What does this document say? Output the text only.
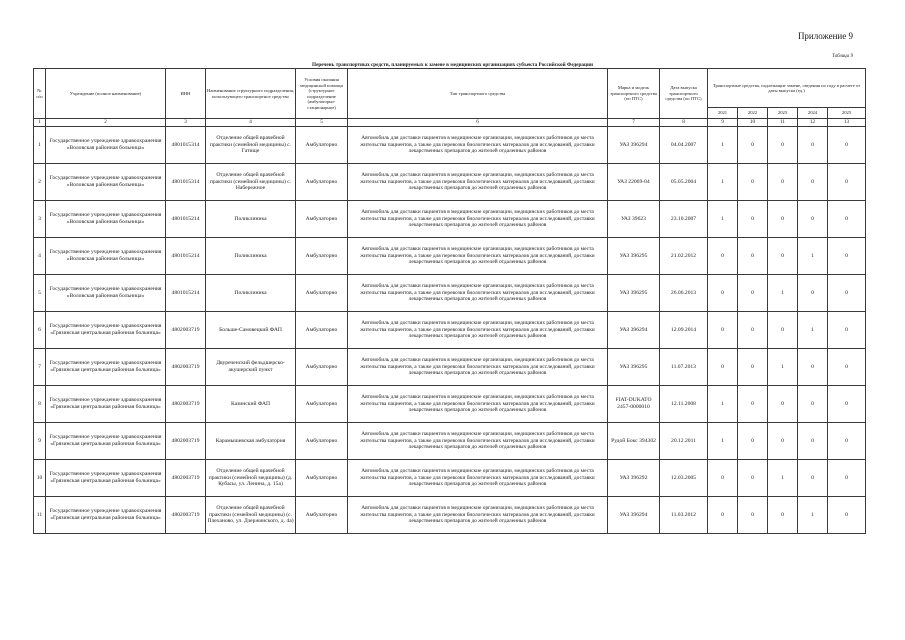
Приложение 9
Таблица 9
Перечень транспортных средств, планируемых к замене в медицинских организациях субъекта Российской Федерации
№ п/п	Учреждение (полное наименование)	ИНН	Наименование структурного подразделения, использующего транспортное средство	Условия оказания медицинской помощи (структурное подразделение (амбулаторно-стационарное)	Тип транспортного средства	Марка и модель транспортного средства (по ПТС)	Дата выпуска транспортного средства (по ПТС)	Транспортные средства, подлежащие замене, сведения по году в расчете от даты выпуска (ед.)				
								2021	2022	2023	2024	2025
1	2	3	4	5	6	7	8	9	10	11	12	13
1	Государственное учреждение здравоохранения «Воловская районная больница»	4801015314	Отделение общей врачебной практики (семейной медицины) с. Гатище	Амбулаторно	Автомобиль для доставки пациентов в медицинские организации, медицинских работников до места жительства пациентов, а также для перевозки биологических материалов для исследований, доставки лекарственных препаратов до жителей отдаленных районов	УАЗ 396294	04.04.2007	1	0	0	0	0
2	Государственное учреждение здравоохранения «Воловская районная больница»	4801015314	Отделение общей врачебной практики (семейной медицины) с. Набережное	Амбулаторно	Автомобиль для доставки пациентов в медицинские организации, медицинских работников до места жительства пациентов, а также для перевозки биологических материалов для исследований, доставки лекарственных препаратов до жителей отдаленных районов	УАЗ 22069-04	05.05.2004	1	0	0	0	0
3	Государственное учреждение здравоохранения «Воловская районная больница»	4801015214	Поликлиника	Амбулаторно	Автомобиль для доставки пациентов в медицинские организации, медицинских работников до места жительства пациентов, а также для перевозки биологических материалов для исследований, доставки лекарственных препаратов до жителей отдаленных районов	УАЗ 39623	23.10.2007	1	0	0	0	0
4	Государственное учреждение здравоохранения «Воловская районная больница»	4801015214	Поликлиника	Амбулаторно	Автомобиль для доставки пациентов в медицинские организации, медицинских работников до места жительства пациентов, а также для перевозки биологических материалов для исследований, доставки лекарственных препаратов до жителей отдаленных районов	УАЗ 396295	21.02.2012	0	0	0	1	0
5	Государственное учреждение здравоохранения «Воловская районная больница»	4801015214	Поликлиника	Амбулаторно	Автомобиль для доставки пациентов в медицинские организации, медицинских работников до места жительства пациентов, а также для перевозки биологических материалов для исследований, доставки лекарственных препаратов до жителей отдаленных районов	УАЗ 396295	26.06.2013	0	0	1	0	0
6	Государственное учреждение здравоохранения «Грязинская центральная районная больница»	4802003719	Больше-Самовецкий ФАП	Амбулаторно	Автомобиль для доставки пациентов в медицинские организации, медицинских работников до места жительства пациентов, а также для перевозки биологических материалов для исследований, доставки лекарственных препаратов до жителей отдаленных районов	УАЗ 396294	12.09.2014	0	0	0	1	0
7	Государственное учреждение здравоохранения «Грязинская центральная районная больница»	4802003719	Двуреченский фельдшерско-акушерский пункт	Амбулаторно	Автомобиль для доставки пациентов в медицинские организации, медицинских работников до места жительства пациентов, а также для перевозки биологических материалов для исследований, доставки лекарственных препаратов до жителей отдаленных районов	УАЗ 396295	11.07.2013	0	0	1	0	0
8	Государственное учреждение здравоохранения «Грязинская центральная районная больница»	4802003719	Казинский ФАП	Амбулаторно	Автомобиль для доставки пациентов в медицинские организации, медицинских работников до места жительства пациентов, а также для перевозки биологических материалов для исследований, доставки лекарственных препаратов до жителей отдаленных районов	FIAT-DUKATO 2457-0000010	12.11.2008	1	0	0	0	0
9	Государственное учреждение здравоохранения «Грязинская центральная районная больница»	4802003719	Карамышевская амбулатория	Амбулаторно	Автомобиль для доставки пациентов в медицинские организации, медицинских работников до места жительства пациентов, а также для перевозки биологических материалов для исследований, доставки лекарственных препаратов до жителей отдаленных районов	Рудой Бокс 394302	20.12.2011	1	0	0	0	0
10	Государственное учреждение здравоохранения «Грязинская центральная районная больница»	4802003719	Отделение общей врачебной практики (семейной медицины) (д. Кубасы, ул. Ленина, д. 15а)	Амбулаторно	Автомобиль для доставки пациентов в медицинские организации, медицинских работников до места жительства пациентов, а также для перевозки биологических материалов для исследований, доставки лекарственных препаратов до жителей отдаленных районов	УАЗ 396292	12.03.2005	0	0	1	0	0
11	Государственное учреждение здравоохранения «Грязинская центральная районная больница»	4802003719	Отделение общей врачебной практики (семейной медицины) (с. Плеханово, ул. Дзержинского, д. 4а)	Амбулаторно	Автомобиль для доставки пациентов в медицинские организации, медицинских работников до места жительства пациентов, а также для перевозки биологических материалов для исследований, доставки лекарственных препаратов до жителей отдаленных районов	УАЗ 396294	11.03.2012	0	0	0	1	0
